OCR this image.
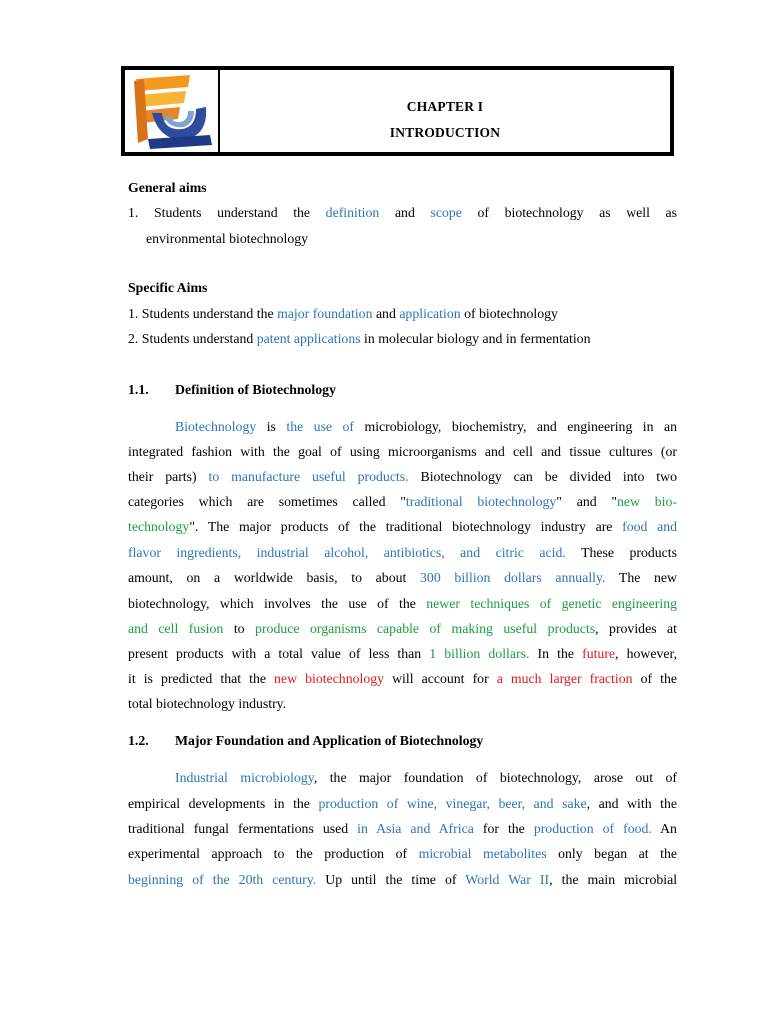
CHAPTER I
INTRODUCTION
General aims
1. Students understand the definition and scope of biotechnology as well as
environmental biotechnology
Specific Aims
1. Students understand the major foundation and application of biotechnology
2. Students understand patent applications in molecular biology and in fermentation
1.1. Definition of Biotechnology
Biotechnology is the use of microbiology, biochemistry, and engineering in an
integrated fashion with the goal of using microorganisms and cell and tissue cultures (or
their parts) to manufacture useful products. Biotechnology can be divided into two
categories which are sometimes called "traditional biotechnology" and "new bio-
technology". The major products of the traditional biotechnology industry are food and
flavor ingredients, industrial alcohol, antibiotics, and citric acid. These products
amount, on a worldwide basis, to about 300 billion dollars annually. The new
biotechnology, which involves the use of the newer techniques of genetic engineering
and cell fusion to produce organisms capable of making useful products, provides at
present products with a total value of less than 1 billion dollars. In the future, however,
it is predicted that the new biotechnology will account for a much larger fraction of the
total biotechnology industry.
1.2. Major Foundation and Application of Biotechnology
Industrial microbiology, the major foundation of biotechnology, arose out of
empirical developments in the production of wine, vinegar, beer, and sake, and with the
traditional fungal fermentations used in Asia and Africa for the production of food. An
experimental approach to the production of microbial metabolites only began at the
beginning of the 20th century. Up until the time of World War II, the main microbial
